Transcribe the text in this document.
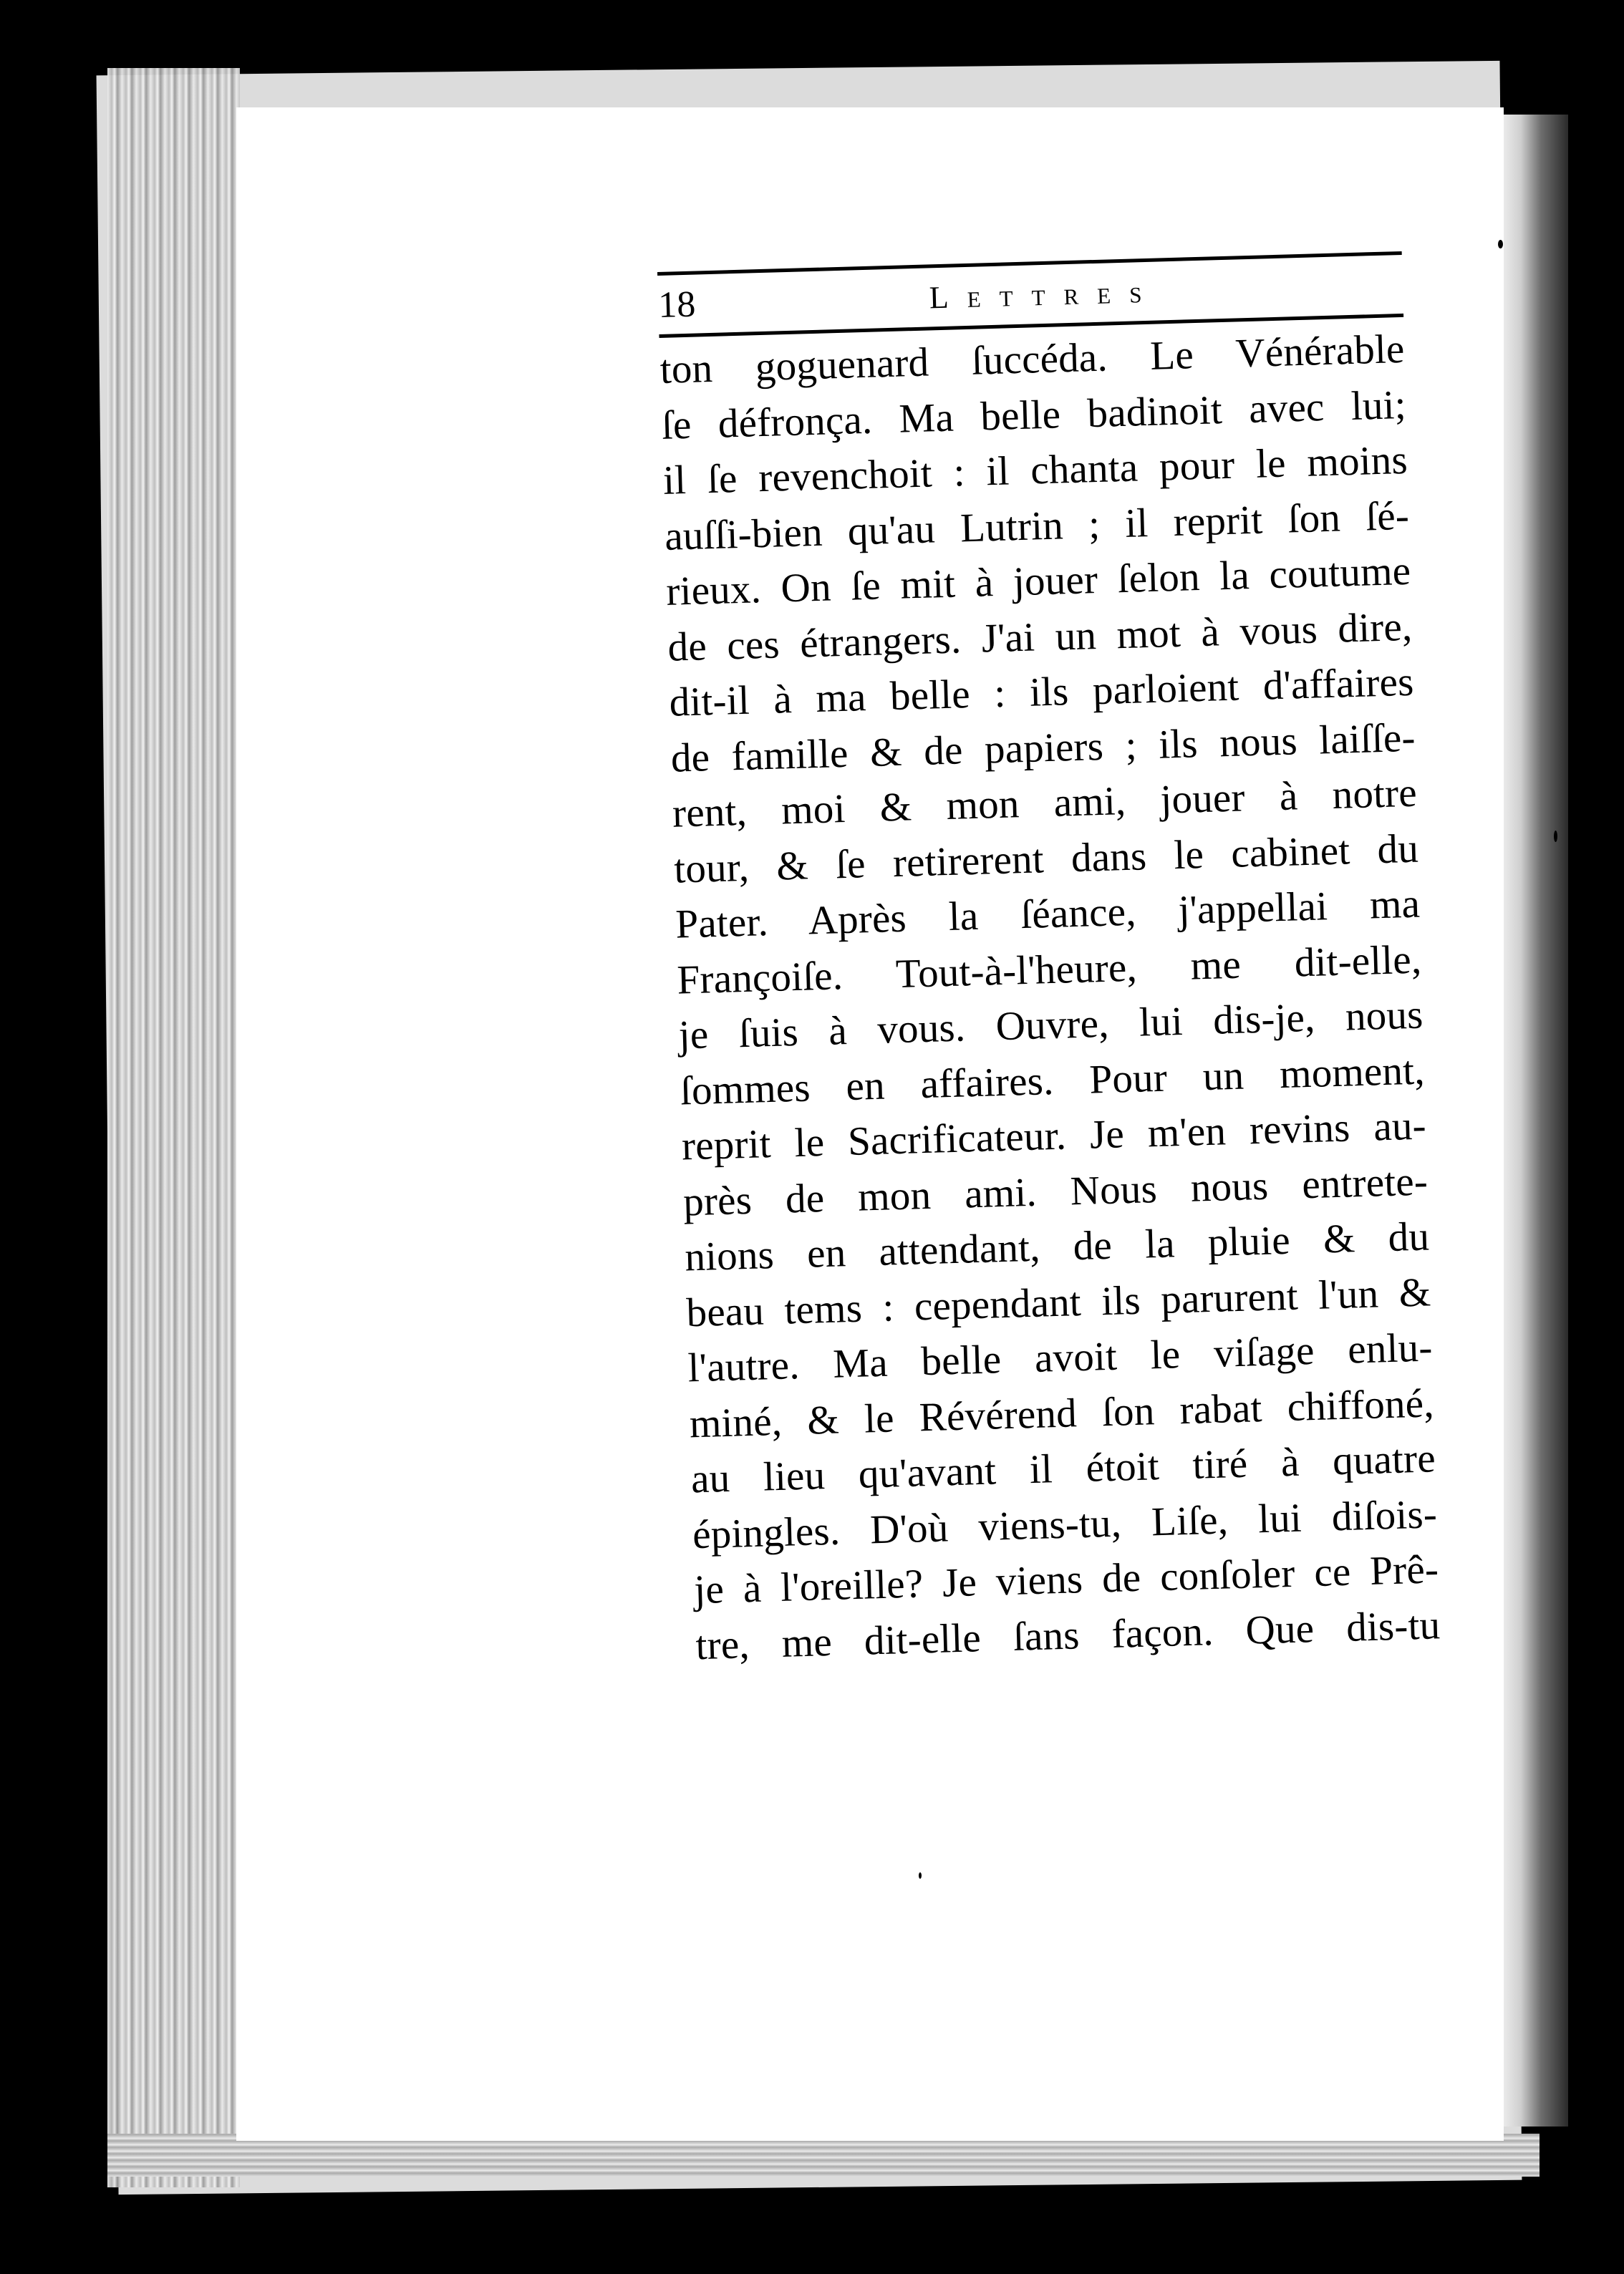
18	Lettres
ton goguenard ſuccéda. Le Vénérable
ſe défronça. Ma belle badinoit avec lui;
il ſe revenchoit : il chanta pour le moins
auſſi-bien qu'au Lutrin ; il reprit ſon ſé-
rieux. On ſe mit à jouer ſelon la coutume
de ces étrangers. J'ai un mot à vous dire,
dit-il à ma belle : ils parloient d'affaires
de famille & de papiers ; ils nous laiſſe-
rent, moi & mon ami, jouer à notre
tour, & ſe retirerent dans le cabinet du
Pater. Après la ſéance, j'appellai ma
Françoiſe. Tout-à-l'heure, me dit-elle,
je ſuis à vous. Ouvre, lui dis-je, nous
ſommes en affaires. Pour un moment,
reprit le Sacrificateur. Je m'en revins au-
près de mon ami. Nous nous entrete-
nions en attendant, de la pluie & du
beau tems : cependant ils parurent l'un &
l'autre. Ma belle avoit le viſage enlu-
miné, & le Révérend ſon rabat chiffoné,
au lieu qu'avant il étoit tiré à quatre
épingles. D'où viens-tu, Liſe, lui diſois-
je à l'oreille? Je viens de conſoler ce Prê-
tre, me dit-elle ſans façon. Que dis-tu
